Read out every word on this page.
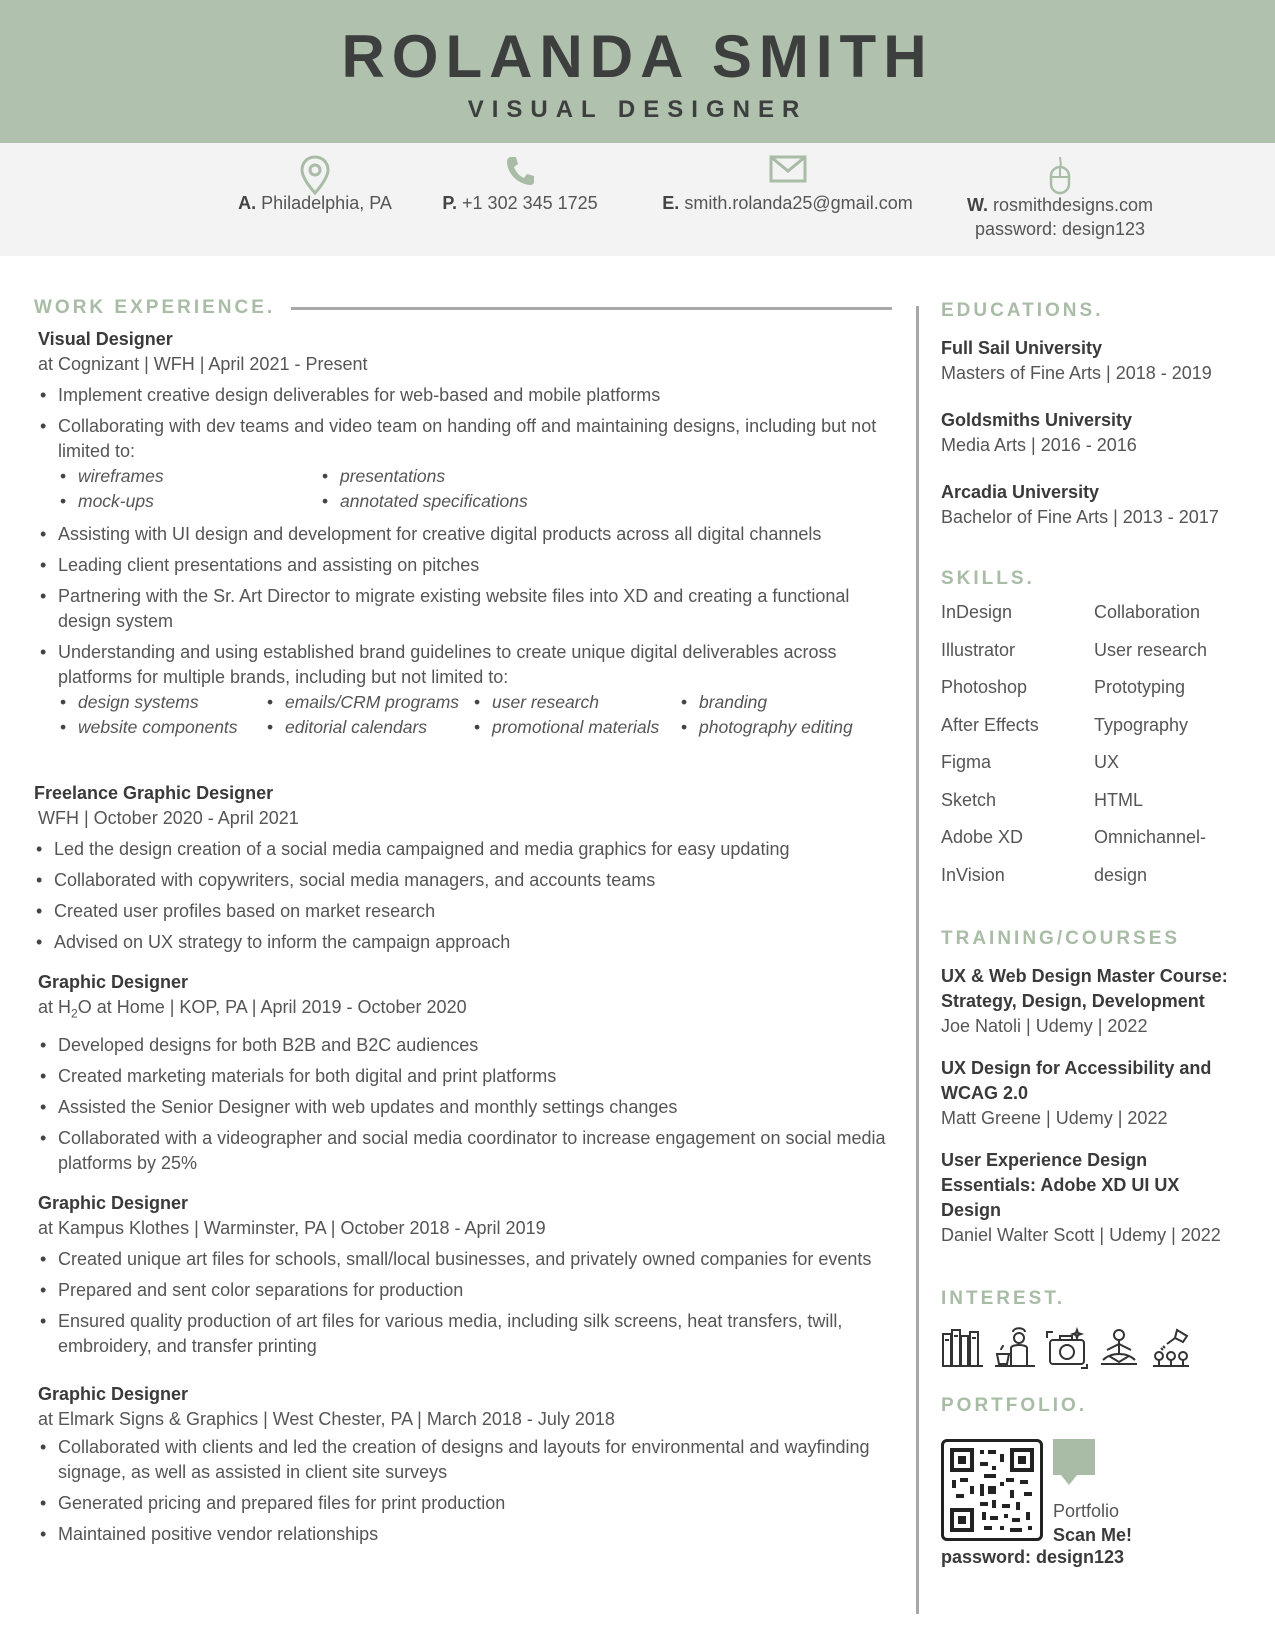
ROLANDA SMITH
VISUAL DESIGNER
A. Philadelphia, PA	P. +1 302 345 1725	E. smith.rolanda25@gmail.com	W. rosmithdesigns.com
password: design123
WORK EXPERIENCE.
Visual Designer
at Cognizant | WFH | April 2021 - Present
• Implement creative design deliverables for web-based and mobile platforms
• Collaborating with dev teams and video team on handing off and maintaining designs, including but not limited to:
• wireframes	• presentations
• mock-ups	• annotated specifications
• Assisting with UI design and development for creative digital products across all digital channels
• Leading client presentations and assisting on pitches
• Partnering with the Sr. Art Director to migrate existing website files into XD and creating a functional design system
• Understanding and using established brand guidelines to create unique digital deliverables across platforms for multiple brands, including but not limited to:
• design systems	• emails/CRM programs	• user research	• branding
• website components	• editorial calendars	• promotional materials	• photography editing
Freelance Graphic Designer
WFH | October 2020 - April 2021
• Led the design creation of a social media campaigned and media graphics for easy updating
• Collaborated with copywriters, social media managers, and accounts teams
• Created user profiles based on market research
• Advised on UX strategy to inform the campaign approach
Graphic Designer
at $H_2O$ at Home | KOP, PA | April 2019 - October 2020
• Developed designs for both B2B and B2C audiences
• Created marketing materials for both digital and print platforms
• Assisted the Senior Designer with web updates and monthly settings changes
• Collaborated with a videographer and social media coordinator to increase engagement on social media platforms by 25%
Graphic Designer
at Kampus Klothes | Warminster, PA | October 2018 - April 2019
• Created unique art files for schools, small/local businesses, and privately owned companies for events
• Prepared and sent color separations for production
• Ensured quality production of art files for various media, including silk screens, heat transfers, twill, embroidery, and transfer printing
Graphic Designer
at Elmark Signs & Graphics | West Chester, PA | March 2018 - July 2018
• Collaborated with clients and led the creation of designs and layouts for environmental and wayfinding signage, as well as assisted in client site surveys
• Generated pricing and prepared files for print production
• Maintained positive vendor relationships
EDUCATIONS.
Full Sail University
Masters of Fine Arts | 2018 - 2019
Goldsmiths University
Media Arts | 2016 - 2016
Arcadia University
Bachelor of Fine Arts | 2013 - 2017
SKILLS.
InDesign	Collaboration
Illustrator	User research
Photoshop	Prototyping
After Effects	Typography
Figma	UX
Sketch	HTML
Adobe XD	Omnichannel-
InVision	design
TRAINING/COURSES
UX & Web Design Master Course: Strategy, Design, Development
Joe Natoli | Udemy | 2022
UX Design for Accessibility and WCAG 2.0
Matt Greene | Udemy | 2022
User Experience Design Essentials: Adobe XD UI UX Design
Daniel Walter Scott | Udemy | 2022
INTEREST.
PORTFOLIO.
Portfolio
Scan Me!
password: design123
